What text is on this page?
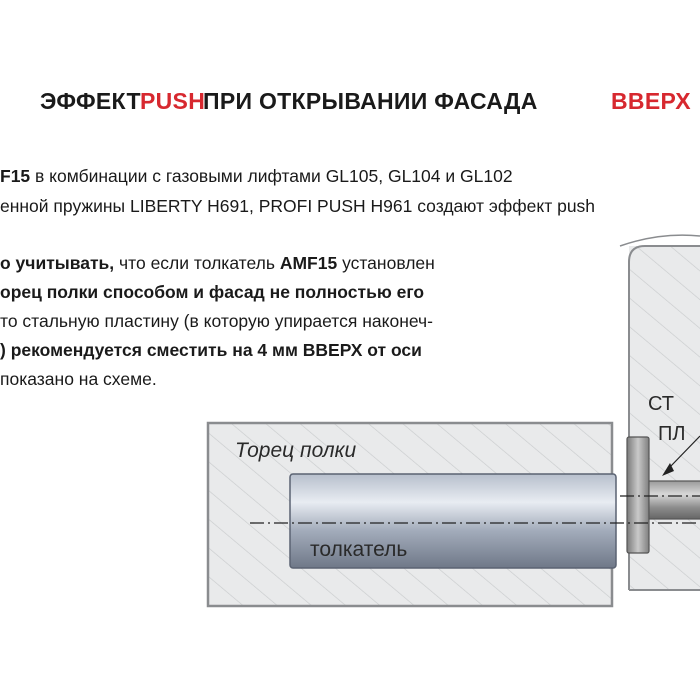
ЭФФЕКТ PUSH
ПРИ ОТКРЫВАНИИ ФАСАДА	ВВЕРХ
F15 в комбинации с газовыми лифтами GL105, GL104 и GL102
енной пружины LIBERTY H691, PROFI PUSH H961 создают эффект push
о учитывать, что если толкатель AMF15 установлен
орец полки способом и фасад не полностью его
то стальную пластину (в которую упирается наконеч-
) рекомендуется сместить на 4 мм ВВЕРХ от оси
показано на схеме.
Торец полки
толкатель
СТ
ПЛ
